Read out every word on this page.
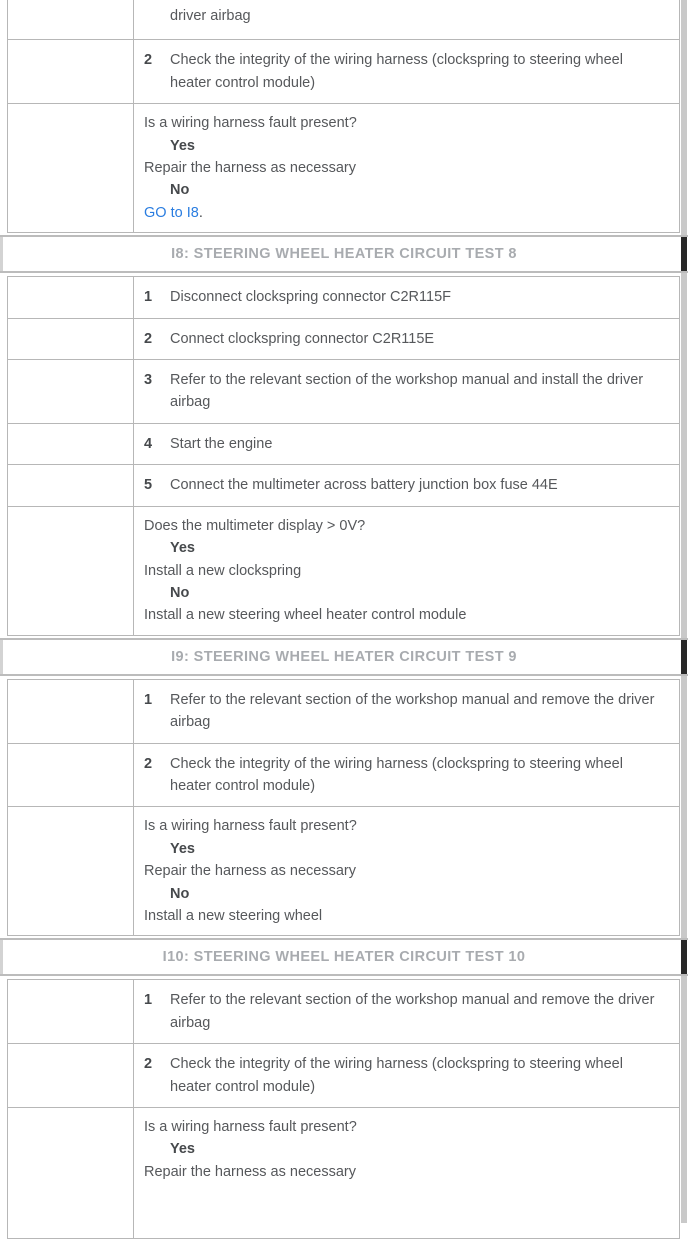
driver airbag
2 Check the integrity of the wiring harness (clockspring to steering wheel heater control module)
Is a wiring harness fault present?
Yes
Repair the harness as necessary
No
GO to I8.
I8: STEERING WHEEL HEATER CIRCUIT TEST 8
1 Disconnect clockspring connector C2R115F
2 Connect clockspring connector C2R115E
3 Refer to the relevant section of the workshop manual and install the driver airbag
4 Start the engine
5 Connect the multimeter across battery junction box fuse 44E
Does the multimeter display > 0V?
Yes
Install a new clockspring
No
Install a new steering wheel heater control module
I9: STEERING WHEEL HEATER CIRCUIT TEST 9
1 Refer to the relevant section of the workshop manual and remove the driver airbag
2 Check the integrity of the wiring harness (clockspring to steering wheel heater control module)
Is a wiring harness fault present?
Yes
Repair the harness as necessary
No
Install a new steering wheel
I10: STEERING WHEEL HEATER CIRCUIT TEST 10
1 Refer to the relevant section of the workshop manual and remove the driver airbag
2 Check the integrity of the wiring harness (clockspring to steering wheel heater control module)
Is a wiring harness fault present?
Yes
Repair the harness as necessary
